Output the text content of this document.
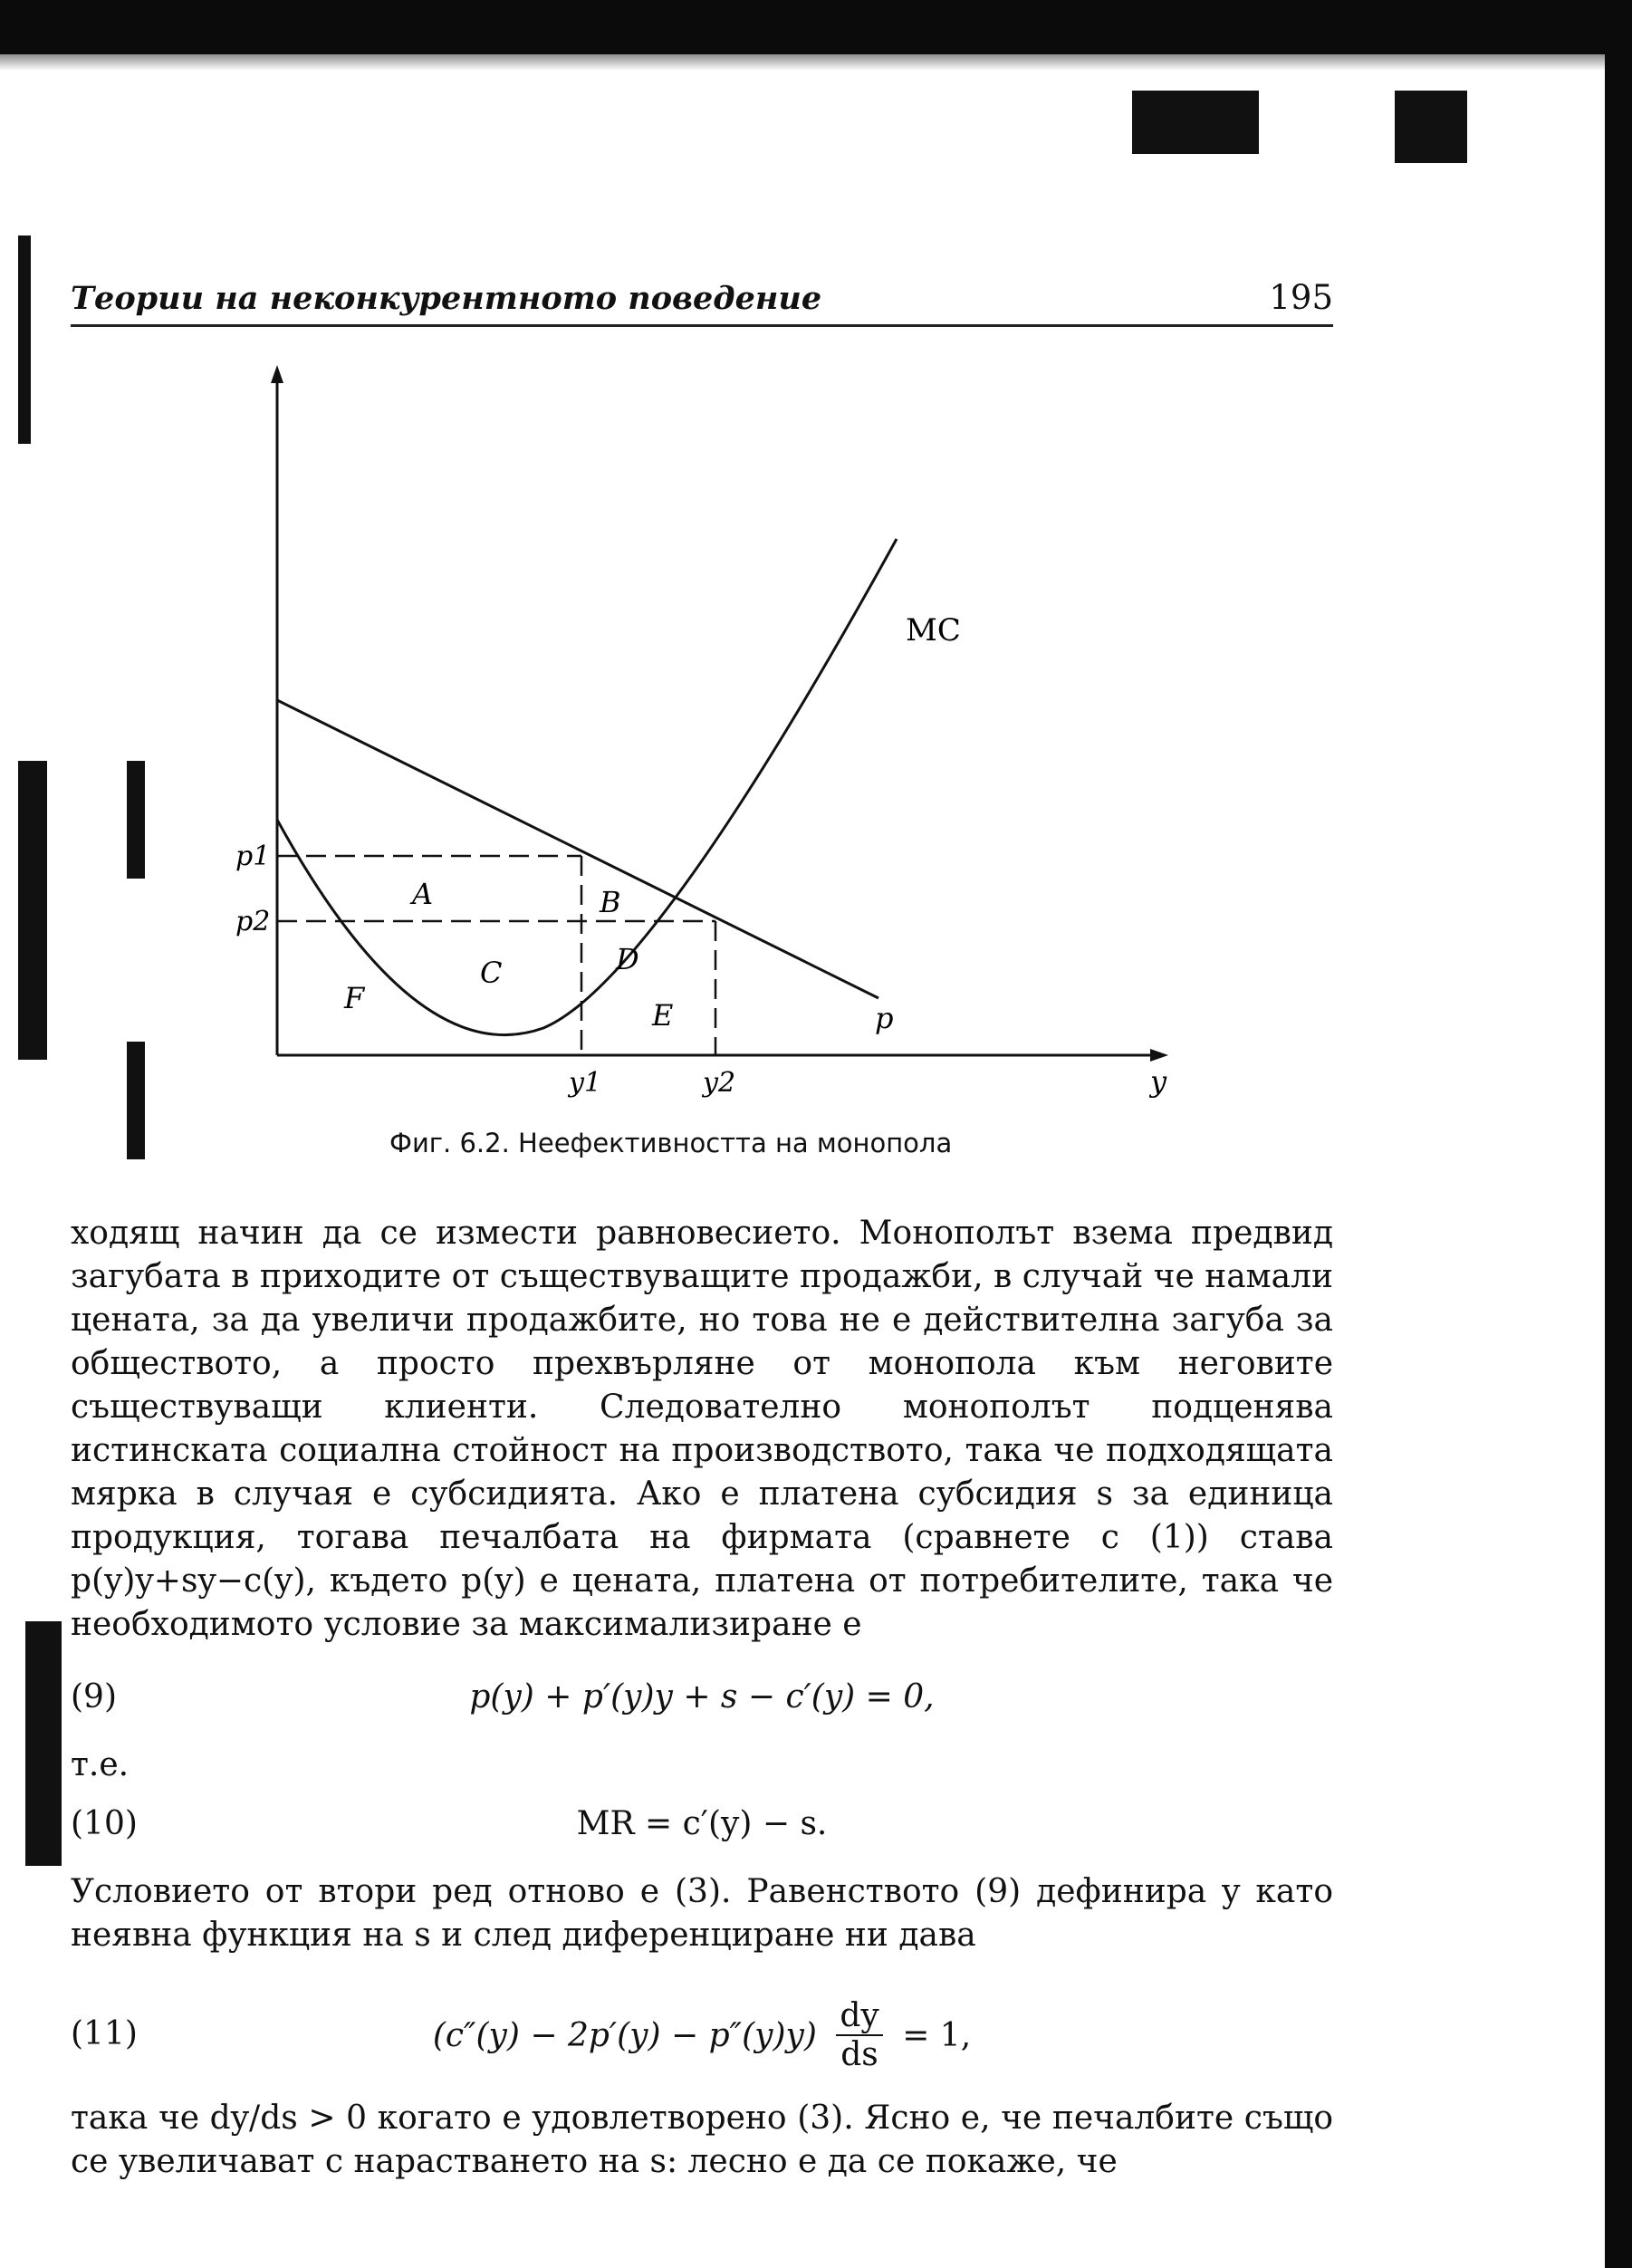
Теории на неконкурентното поведение	195
MC
p
p1
p2
y1	y2	y
A	B
C	D
E
F
Фиг. 6.2. Неефективността на монопола

ходящ начин да се измести равновесието. Монополът взема предвид загубата в приходите от съществуващите продажби, в случай че намали цената, за да увеличи продажбите, но това не е действителна загуба за обществото, а просто прехвърляне от монопола към неговите съществуващи клиенти. Следователно монополът подценява истинската социална стойност на производството, така че подходящата мярка в случая е субсидията. Ако е платена субсидия s за единица продукция, тогава печалбата на фирмата (сравнете с (1)) става p(y)y+sy−c(y), където p(y) е цената, платена от потребителите, така че необходимото условие за максимализиране е

(9)	p(y) + p′(y)y + s − c′(y) = 0,
т.е.
(10)	MR = c′(y) − s.

Условието от втори ред отново е (3). Равенството (9) дефинира y като неявна функция на s и след диференциране ни дава

(11)	$(c''(y) - 2p'(y) - p''(y)y) \frac{dy}{ds} = 1$,

така че dy/ds > 0 когато е удовлетворено (3). Ясно е, че печалбите също се увеличават с нарастването на s: лесно е да се покаже, че
